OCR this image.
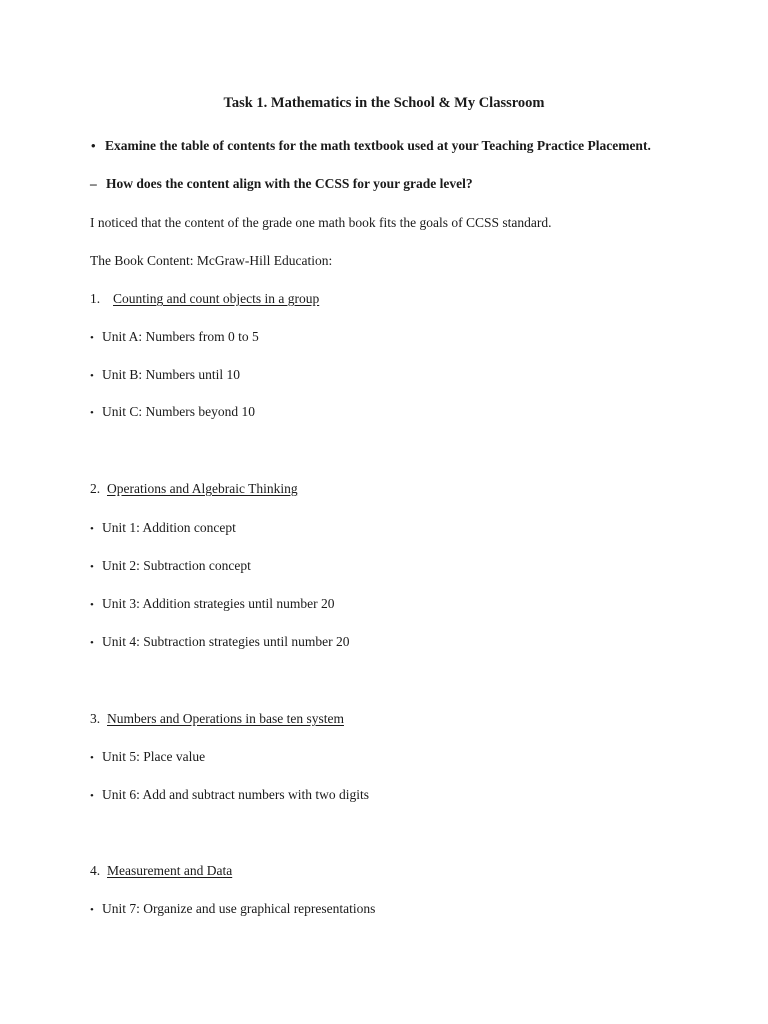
Task 1. Mathematics in the School & My Classroom
• Examine the table of contents for the math textbook used at your Teaching Practice Placement.
– How does the content align with the CCSS for your grade level?
I noticed that the content of the grade one math book fits the goals of CCSS standard.
The Book Content: McGraw-Hill Education:
1. Counting and count objects in a group
• Unit A: Numbers from 0 to 5
• Unit B: Numbers until 10
• Unit C: Numbers beyond 10
2. Operations and Algebraic Thinking
• Unit 1: Addition concept
• Unit 2: Subtraction concept
• Unit 3: Addition strategies until number 20
• Unit 4: Subtraction strategies until number 20
3. Numbers and Operations in base ten system
• Unit 5: Place value
• Unit 6: Add and subtract numbers with two digits
4. Measurement and Data
• Unit 7: Organize and use graphical representations
